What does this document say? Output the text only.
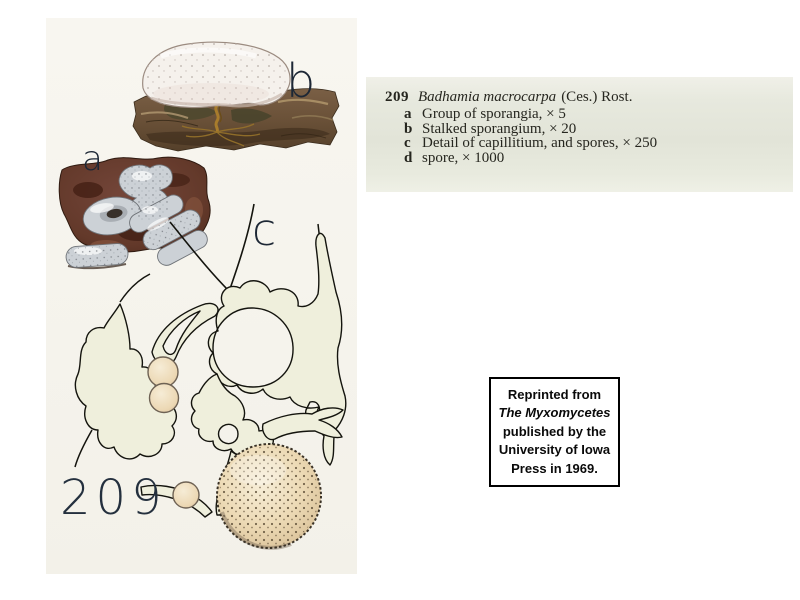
a
b
c
209
209 Badhamia macrocarpa (Ces.) Rost.
a Group of sporangia, × 5
b Stalked sporangium, × 20
c Detail of capillitium, and spores, × 250
d spore, × 1000
Reprinted from
The Myxomycetes
published by the
University of Iowa
Press in 1969.
